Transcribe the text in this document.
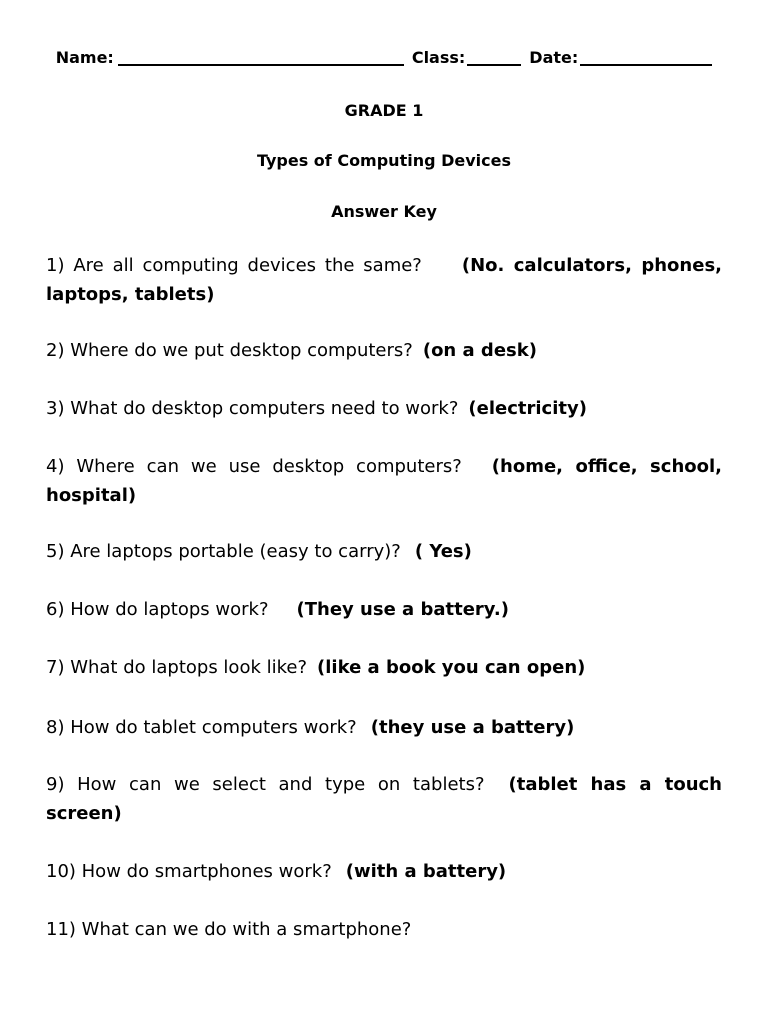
Name:	Class:	Date:
GRADE 1
Types of Computing Devices
Answer Key
1) Are all computing devices the same? (No. calculators, phones, laptops, tablets)
2) Where do we put desktop computers? (on a desk)
3) What do desktop computers need to work? (electricity)
4) Where can we use desktop computers? (home, office, school, hospital)
5) Are laptops portable (easy to carry)? ( Yes)
6) How do laptops work? (They use a battery.)
7) What do laptops look like? (like a book you can open)
8) How do tablet computers work? (they use a battery)
9) How can we select and type on tablets? (tablet has a touch screen)
10) How do smartphones work? (with a battery)
11) What can we do with a smartphone?
